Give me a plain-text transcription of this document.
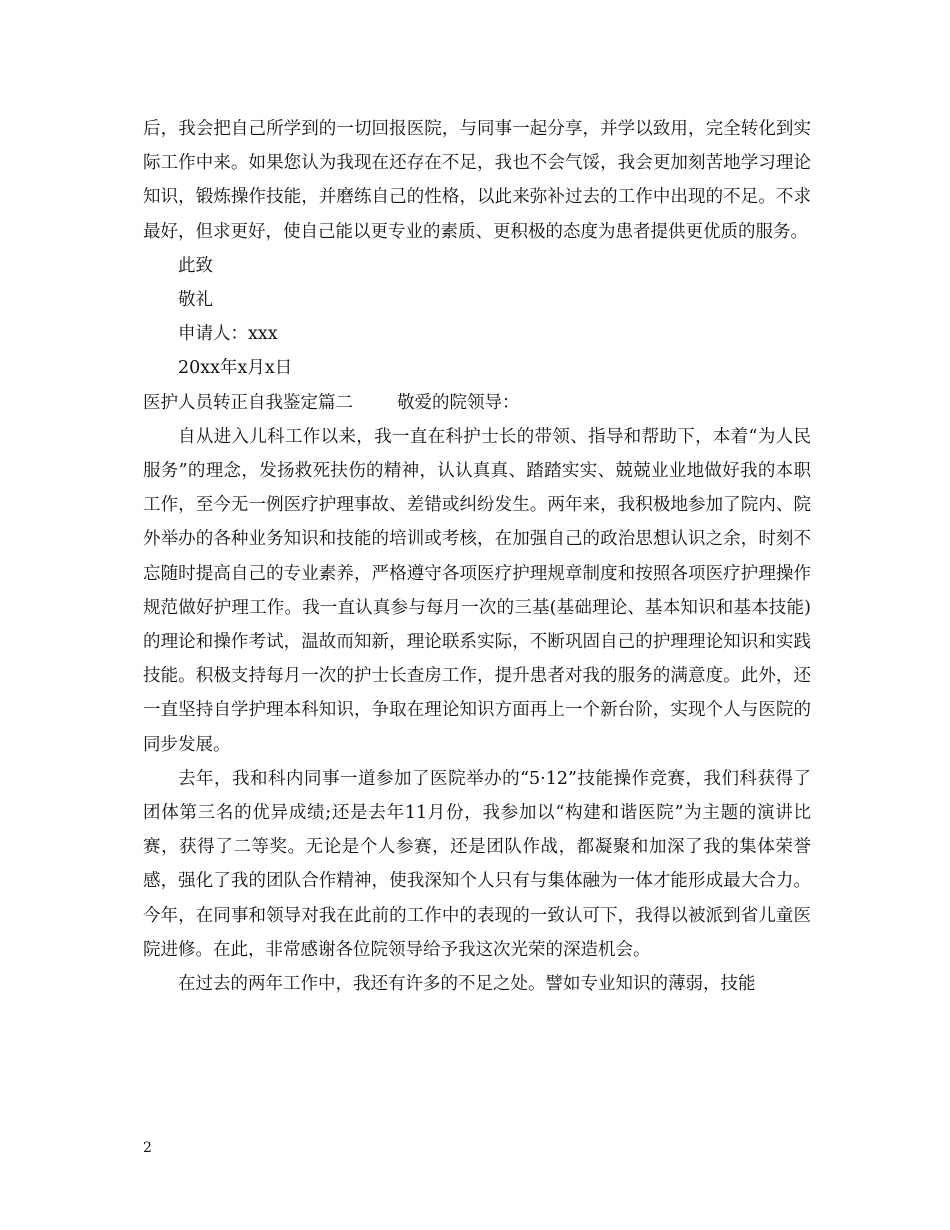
后，我会把自己所学到的一切回报医院，与同事一起分享，并学以致用，完全转化到实际工作中来。如果您认为我现在还存在不足，我也不会气馁，我会更加刻苦地学习理论知识，锻炼操作技能，并磨练自己的性格，以此来弥补过去的工作中出现的不足。不求最好，但求更好，使自己能以更专业的素质、更积极的态度为患者提供更优质的服务。

此致

敬礼

申请人：xxx

20xx年x月x日

医护人员转正自我鉴定篇二	敬爱的院领导：

自从进入儿科工作以来，我一直在科护士长的带领、指导和帮助下，本着“为人民服务”的理念，发扬救死扶伤的精神，认认真真、踏踏实实、兢兢业业地做好我的本职工作，至今无一例医疗护理事故、差错或纠纷发生。两年来，我积极地参加了院内、院外举办的各种业务知识和技能的培训或考核，在加强自己的政治思想认识之余，时刻不忘随时提高自己的专业素养，严格遵守各项医疗护理规章制度和按照各项医疗护理操作规范做好护理工作。我一直认真参与每月一次的三基(基础理论、基本知识和基本技能)的理论和操作考试，温故而知新，理论联系实际，不断巩固自己的护理理论知识和实践技能。积极支持每月一次的护士长查房工作，提升患者对我的服务的满意度。此外，还一直坚持自学护理本科知识，争取在理论知识方面再上一个新台阶，实现个人与医院的同步发展。

去年，我和科内同事一道参加了医院举办的“5·12”技能操作竞赛，我们科获得了团体第三名的优异成绩;还是去年11月份，我参加以“构建和谐医院”为主题的演讲比赛，获得了二等奖。无论是个人参赛，还是团队作战，都凝聚和加深了我的集体荣誉感，强化了我的团队合作精神，使我深知个人只有与集体融为一体才能形成最大合力。今年，在同事和领导对我在此前的工作中的表现的一致认可下，我得以被派到省儿童医院进修。在此，非常感谢各位院领导给予我这次光荣的深造机会。

在过去的两年工作中，我还有许多的不足之处。譬如专业知识的薄弱，技能

2
